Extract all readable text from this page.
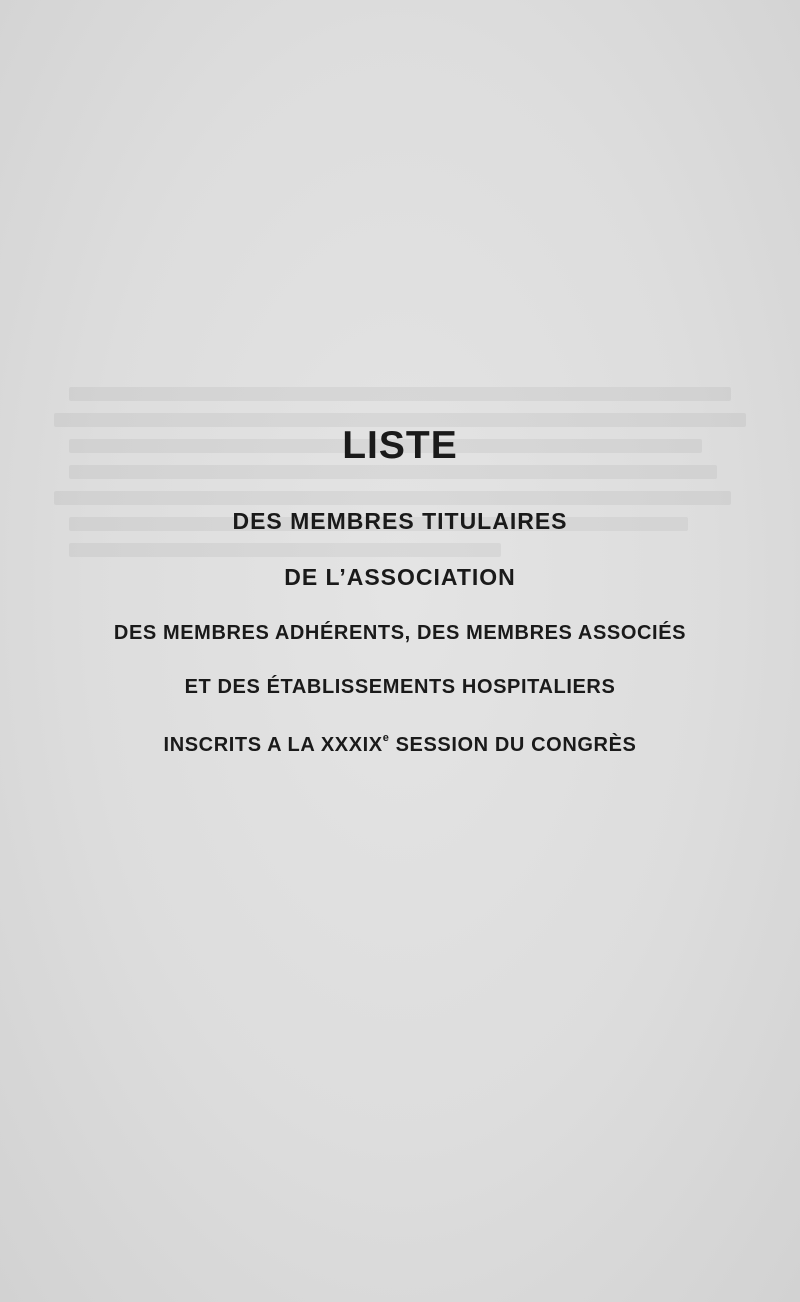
LISTE
DES MEMBRES TITULAIRES
DE L’ASSOCIATION
DES MEMBRES ADHÉRENTS, DES MEMBRES ASSOCIÉS
ET DES ÉTABLISSEMENTS HOSPITALIERS
INSCRITS A LA XXXIXe SESSION DU CONGRÈS
